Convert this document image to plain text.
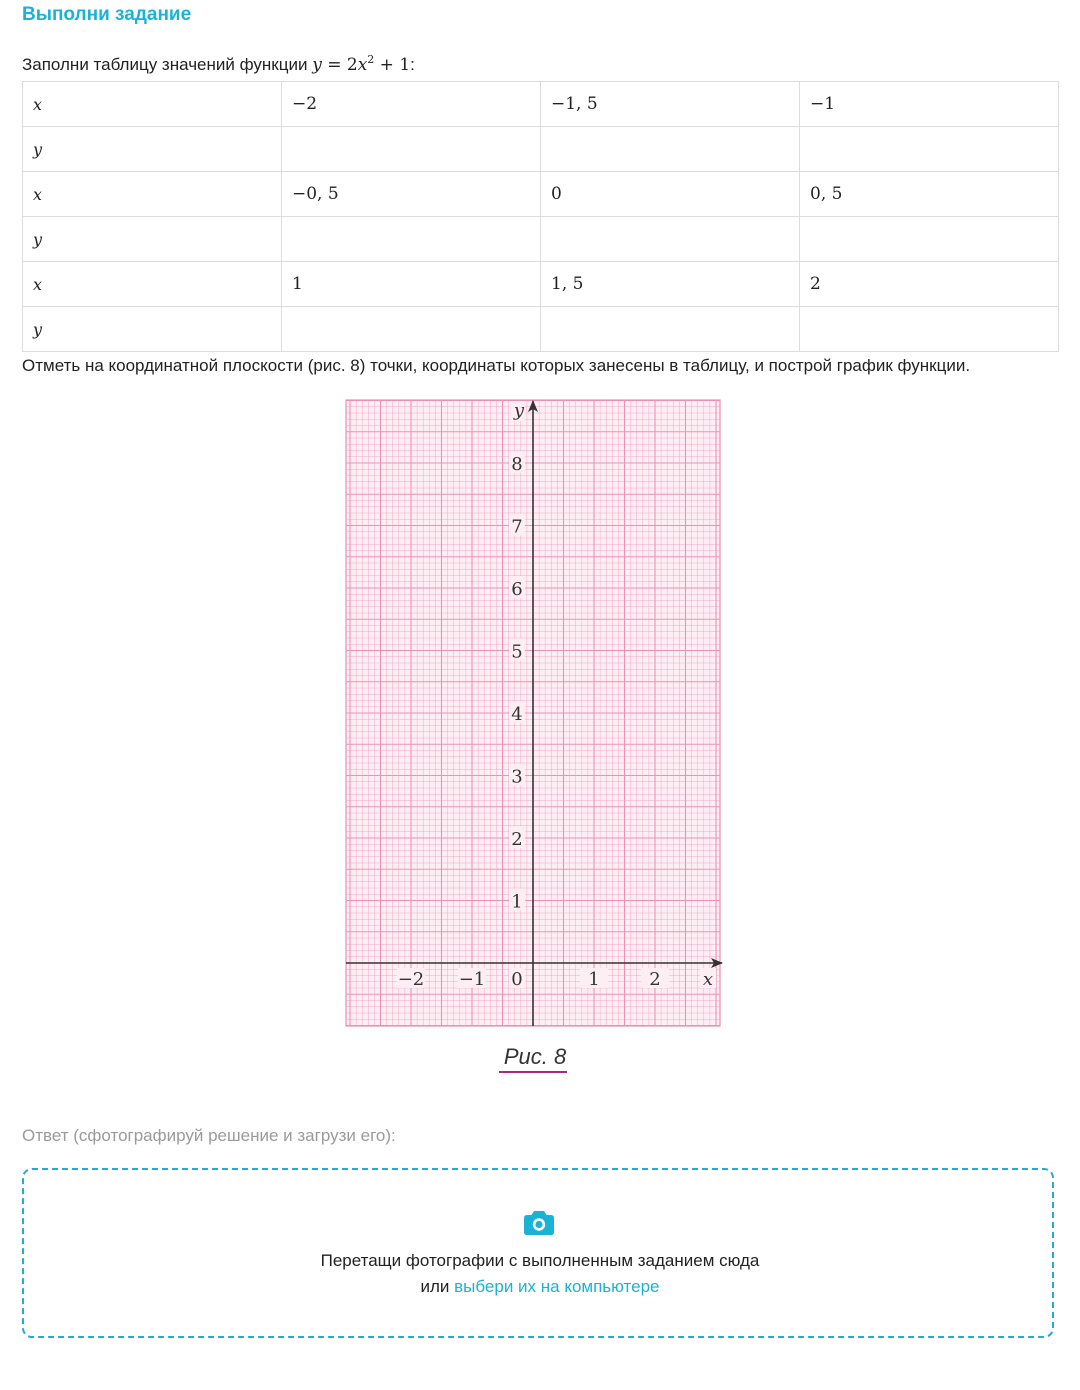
Выполни задание
Заполни таблицу значений функции $y = 2x^2 + 1$:
x	−2	−1, 5	−1
y			
x	−0, 5	0	0, 5
y			
x	1	1, 5	2
y			
Отметь на координатной плоскости (рис. 8) точки, координаты которых занесены в таблицу, и построй график функции.
−2 −1	1	2
1
2
3
4
5
6
7
8
0	x
y
Рис. 8
Ответ (сфотографируй решение и загрузи его):
Перетащи фотографии с выполненным заданием сюда
или выбери их на компьютере
